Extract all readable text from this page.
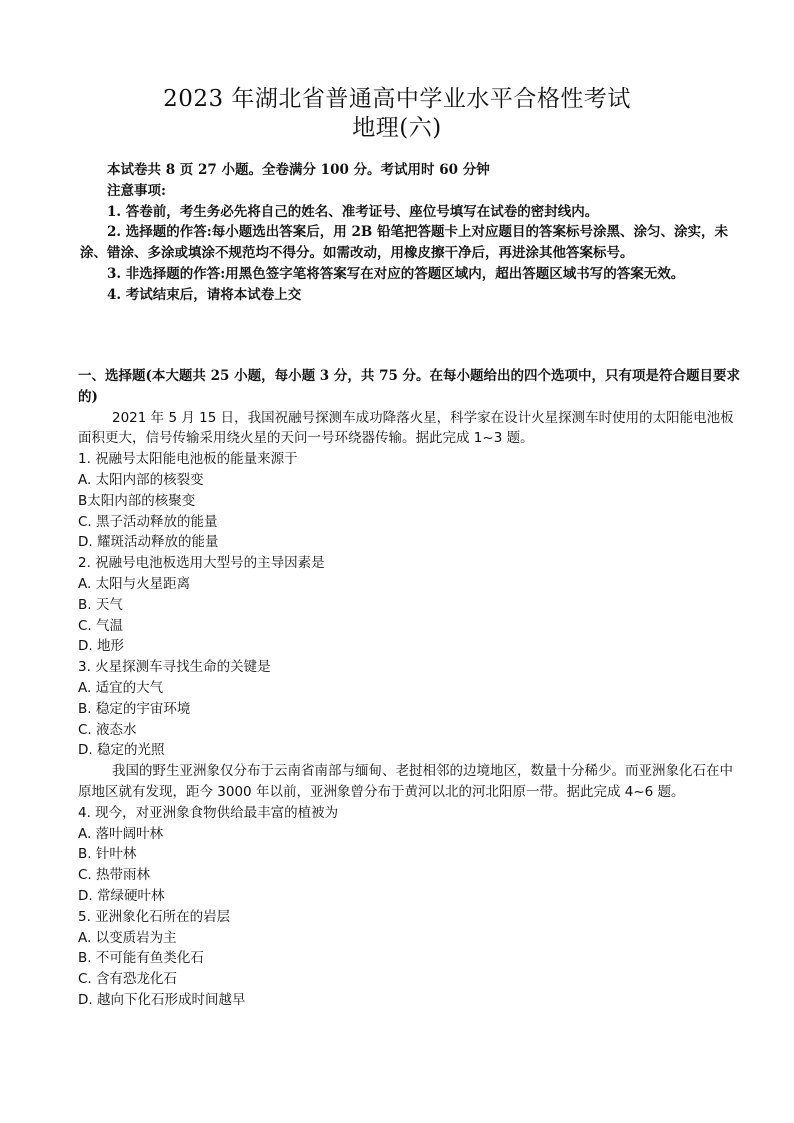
2023 年湖北省普通高中学业水平合格性考试
地理(六)

本试卷共 8 页 27 小题。全卷满分 100 分。考试用时 60 分钟

注意事项:

1. 答卷前，考生务必先将自己的姓名、准考证号、座位号填写在试卷的密封线内。

2. 选择题的作答:每小题选出答案后，用 2B 铅笔把答题卡上对应题目的答案标号涂黑、涂匀、涂实，未涂、错涂、多涂或填涂不规范均不得分。如需改动，用橡皮擦干净后，再进涂其他答案标号。

3. 非选择题的作答:用黑色签字笔将答案写在对应的答题区域内，超出答题区域书写的答案无效。

4. 考试结束后，请将本试卷上交

一、选择题(本大题共 25 小题，每小题 3 分，共 75 分。在每小题给出的四个选项中，只有项是符合题目要求的)

2021 年 5 月 15 日，我国祝融号探测车成功降落火星，科学家在设计火星探测车时使用的太阳能电池板面积更大，信号传输采用绕火星的天问一号环绕器传输。据此完成 1~3 题。

1. 祝融号太阳能电池板的能量来源于

A. 太阳内部的核裂变

B太阳内部的核聚变

C. 黑子活动释放的能量

D. 耀斑活动释放的能量

2. 祝融号电池板选用大型号的主导因素是

A. 太阳与火星距离

B. 天气

C. 气温

D. 地形

3. 火星探测车寻找生命的关键是

A. 适宜的大气

B. 稳定的宇宙环境

C. 液态水

D. 稳定的光照

我国的野生亚洲象仅分布于云南省南部与缅甸、老挝相邻的边境地区，数量十分稀少。而亚洲象化石在中原地区就有发现，距今 3000 年以前，亚洲象曾分布于黄河以北的河北阳原一带。据此完成 4~6 题。

4. 现今，对亚洲象食物供给最丰富的植被为

A. 落叶阔叶林

B. 针叶林

C. 热带雨林

D. 常绿硬叶林

5. 亚洲象化石所在的岩层

A. 以变质岩为主

B. 不可能有鱼类化石

C. 含有恐龙化石

D. 越向下化石形成时间越早
